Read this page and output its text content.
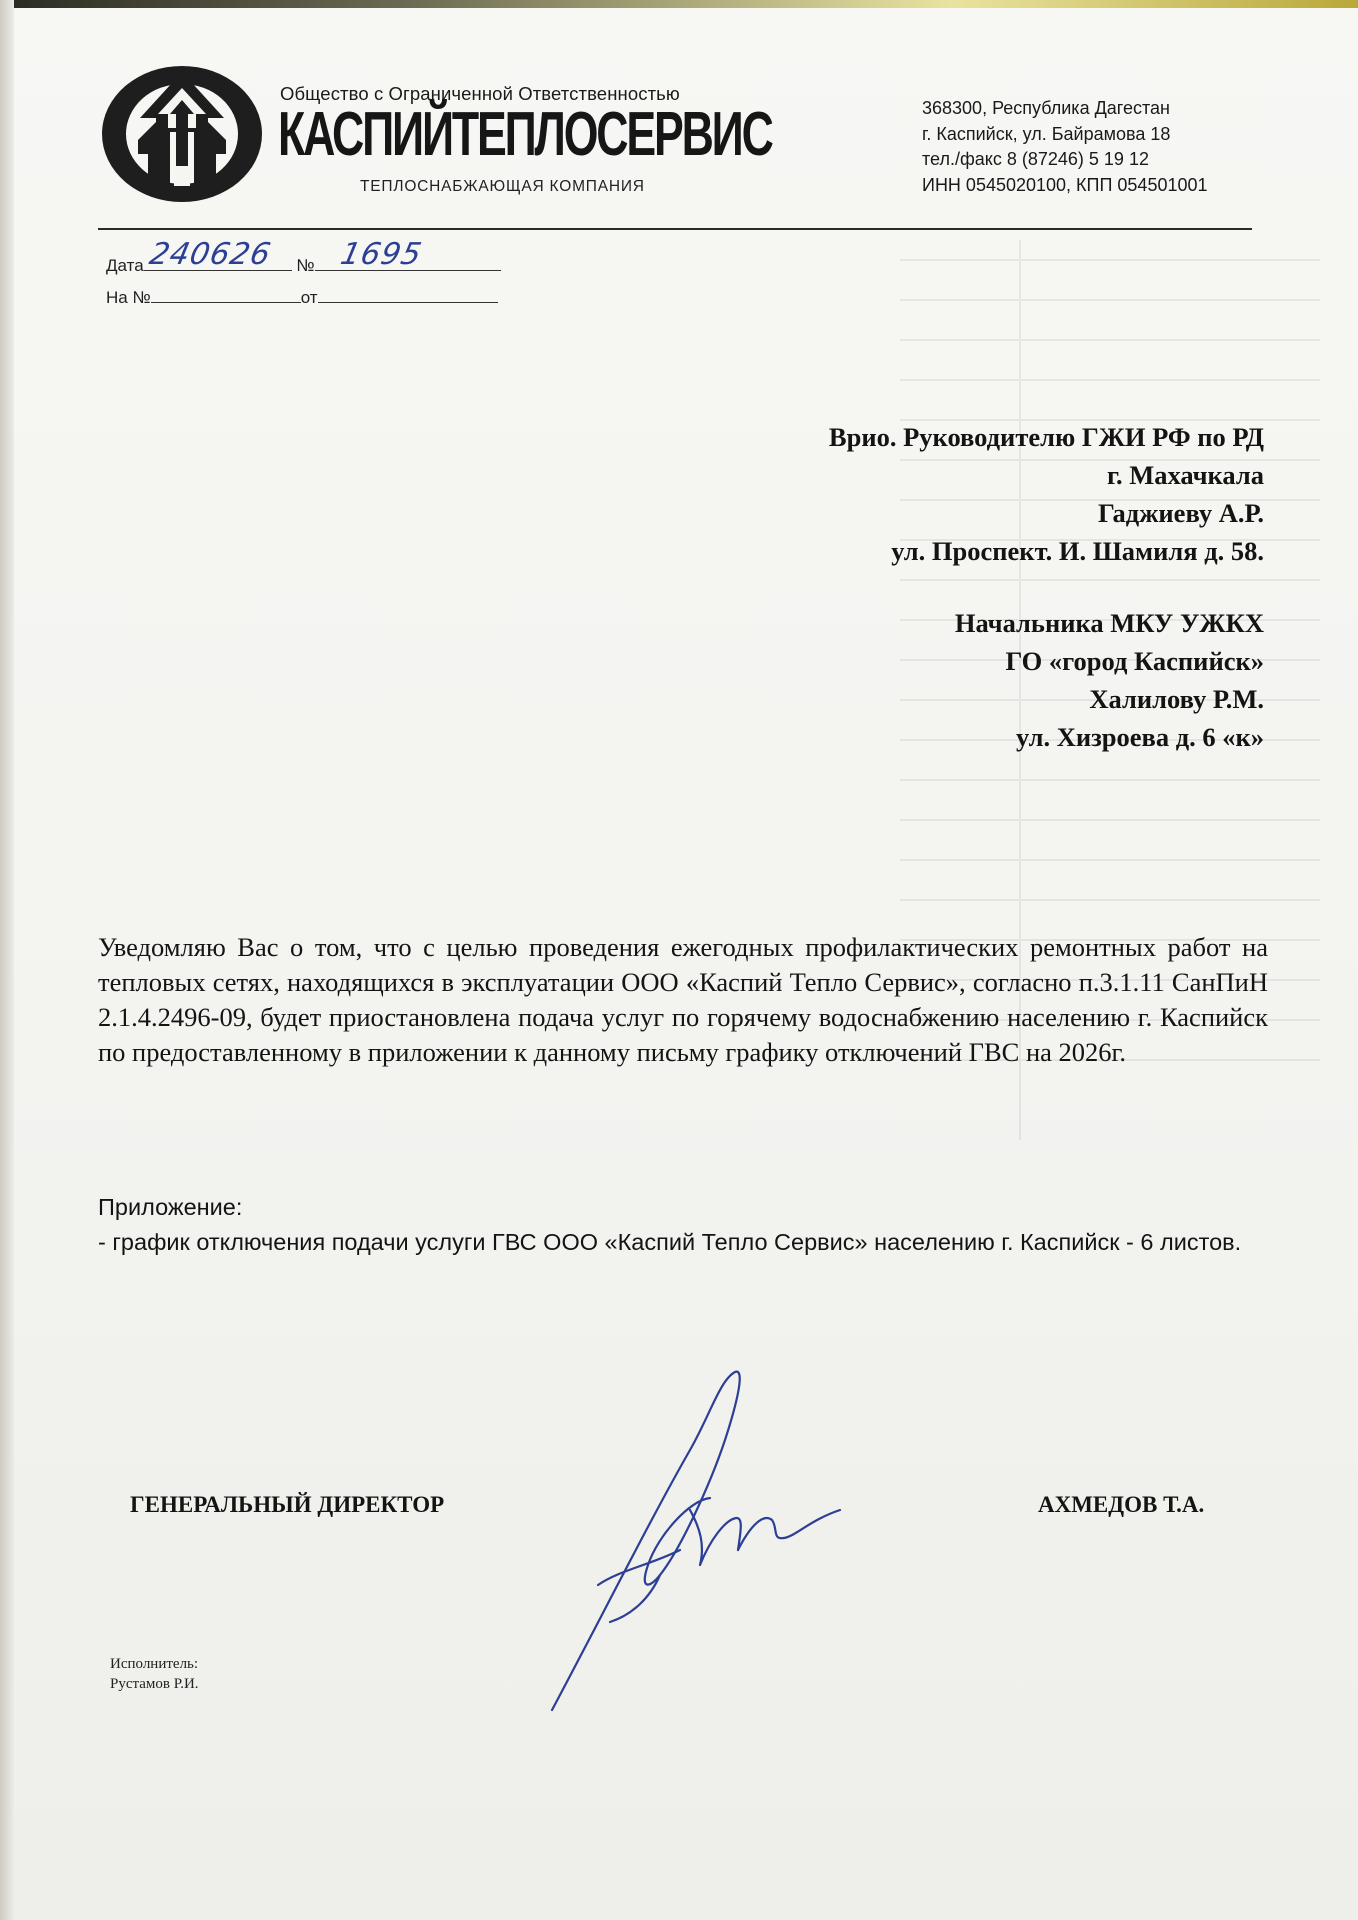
Общество с Ограниченной Ответственностью
КАСПИЙТЕПЛОСЕРВИС
ТЕПЛОСНАБЖАЮЩАЯ КОМПАНИЯ
368300, Республика Дагестан
г. Каспийск, ул. Байрамова 18
тел./факс 8 (87246) 5 19 12
ИНН 0545020100, КПП 054501001
Дата 240626 № 1695
На №	от
Врио. Руководителю ГЖИ РФ по РД
г. Махачкала
Гаджиеву А.Р.
ул. Проспект. И. Шамиля д. 58.
Начальника МКУ УЖКХ
ГО «город Каспийск»
Халилову Р.М.
ул. Хизроева д. 6 «к»
Уведомляю Вас о том, что с целью проведения ежегодных профилактических ремонтных работ на тепловых сетях, находящихся в эксплуатации ООО «Каспий Тепло Сервис», согласно п.3.1.11 СанПиН 2.1.4.2496-09, будет приостановлена подача услуг по горячему водоснабжению населению г. Каспийск по предоставленному в приложении к данному письму графику отключений ГВС на 2026г.
Приложение:
- график отключения подачи услуги ГВС ООО «Каспий Тепло Сервис» населению г. Каспийск - 6 листов.
ГЕНЕРАЛЬНЫЙ ДИРЕКТОР	АХМЕДОВ Т.А.
Исполнитель:
Рустамов Р.И.
